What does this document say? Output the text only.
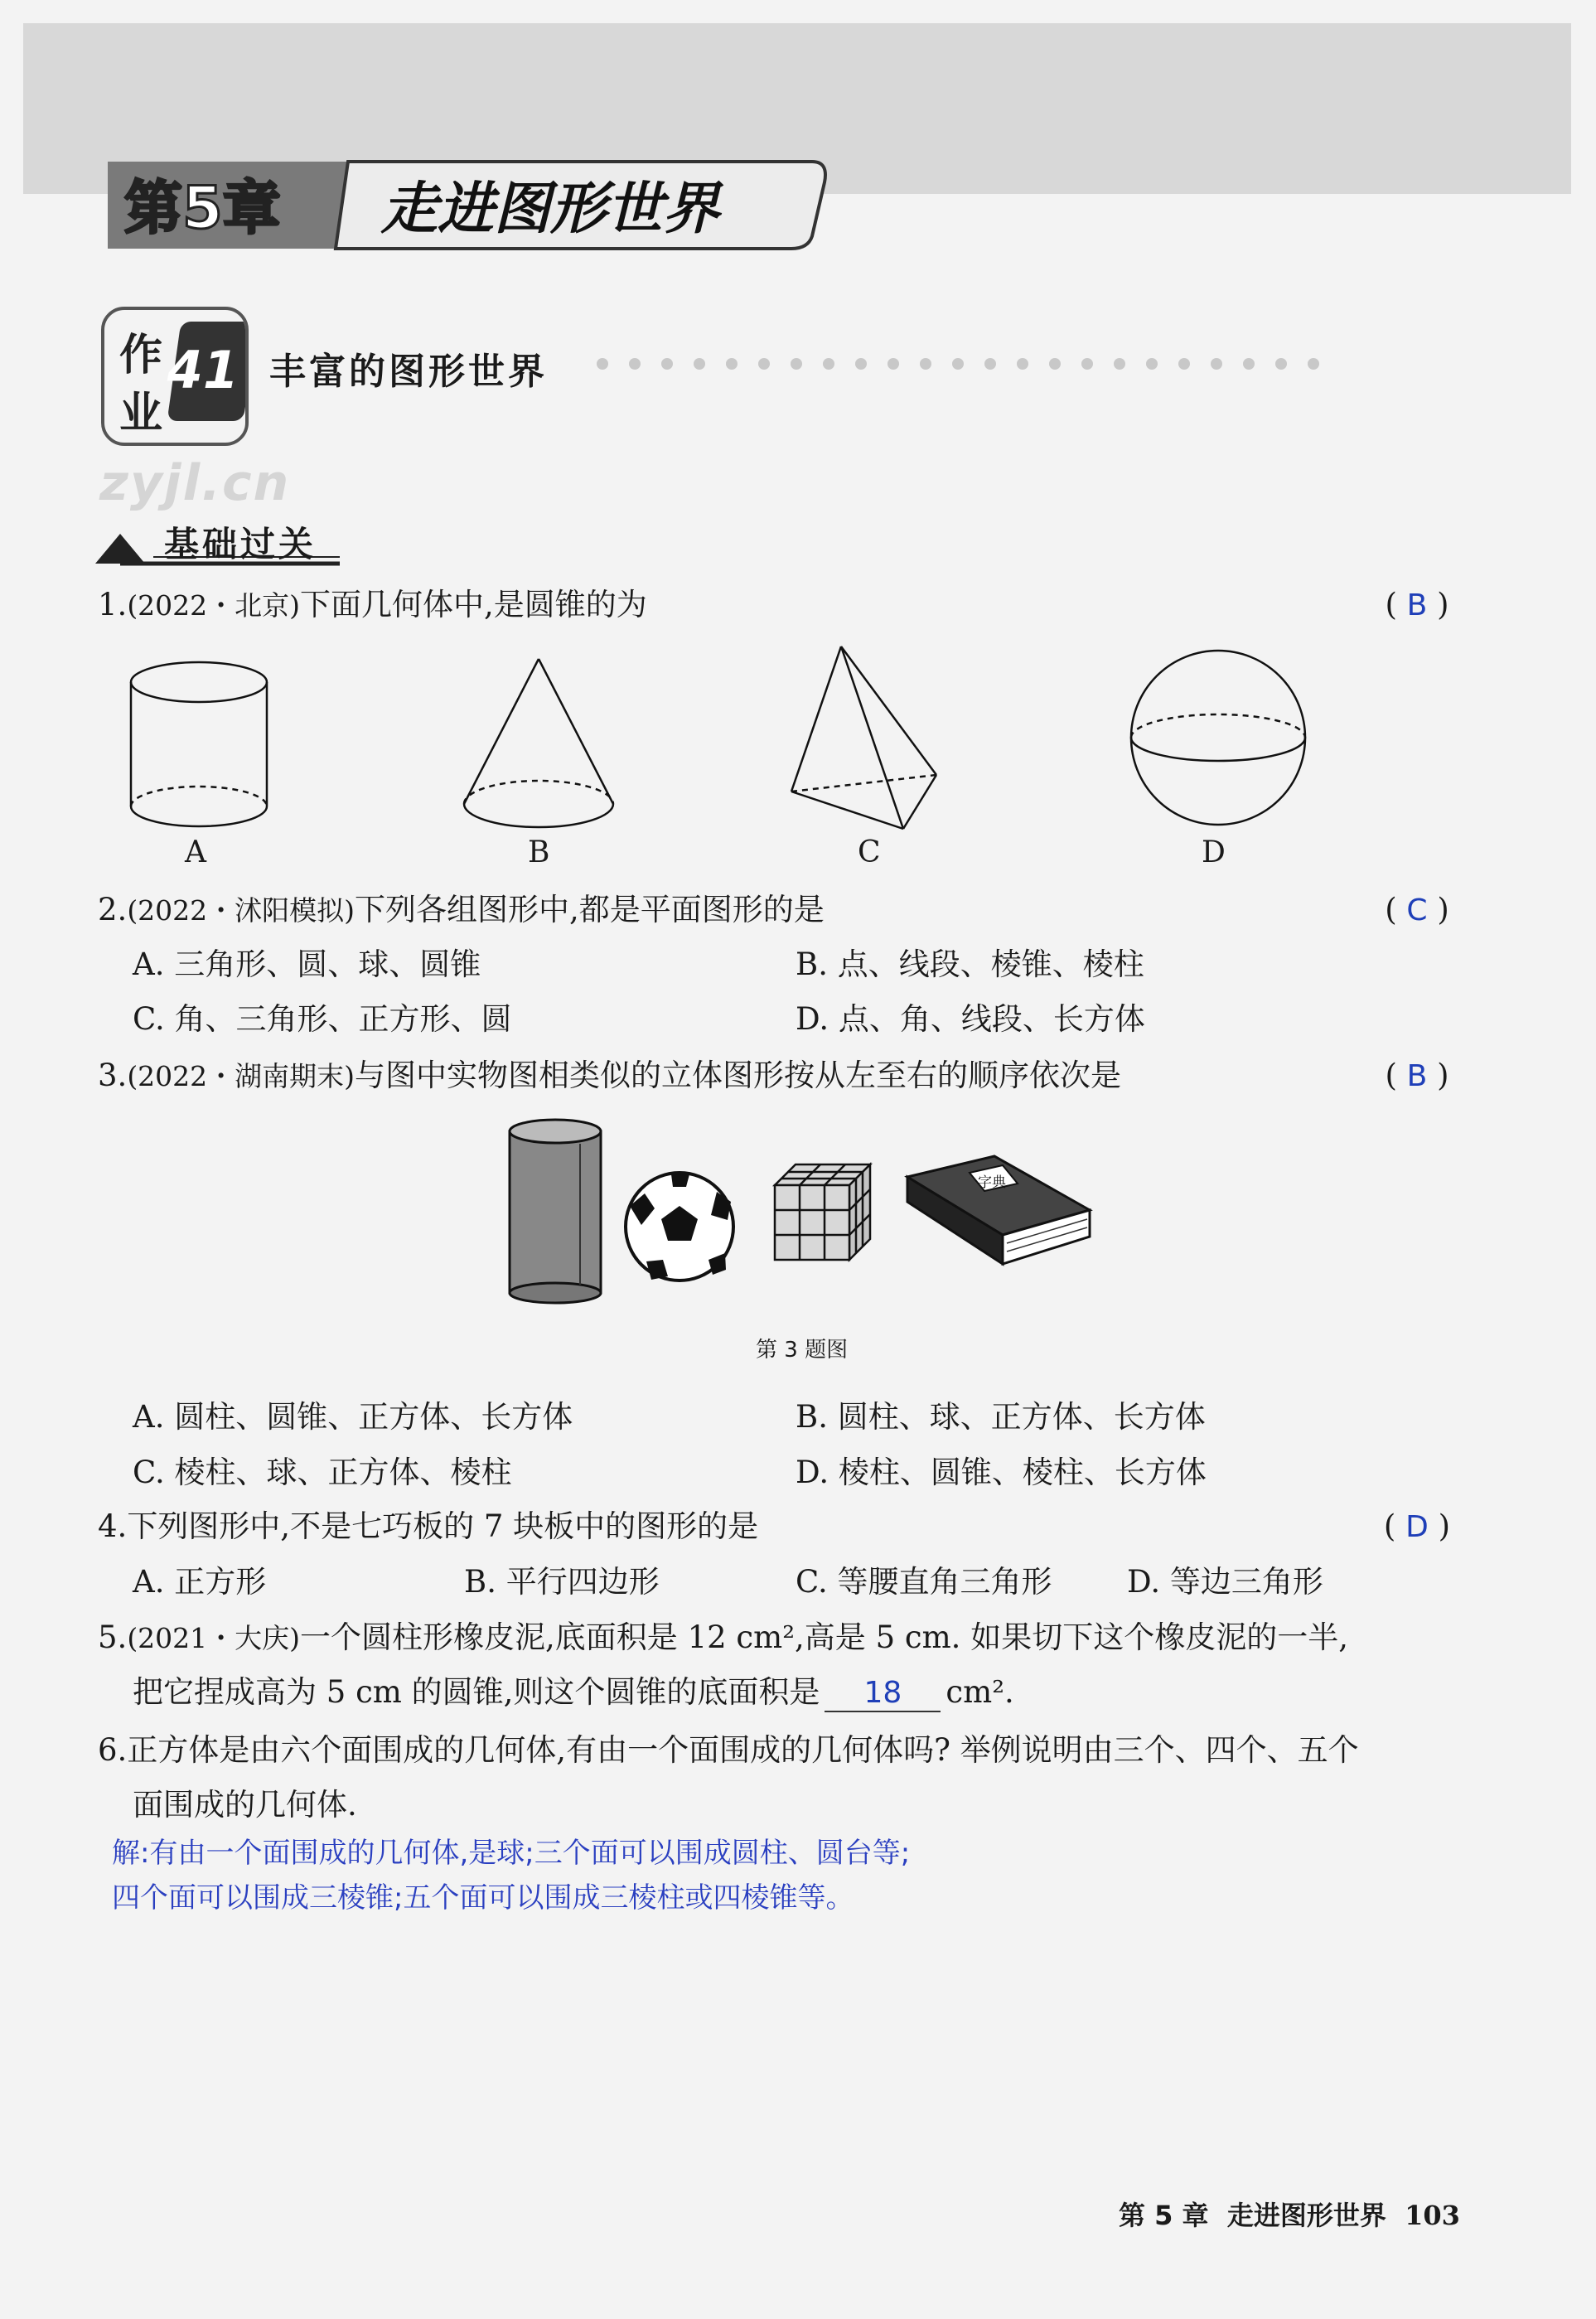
第5章 走进图形世界
作
业
41 丰富的图形世界
zyjl.cn
基础过关
1.(2022・北京)下面几何体中,是圆锥的为	( B )
A	B	C	D
2.(2022・沭阳模拟)下列各组图形中,都是平面图形的是	( C )
A. 三角形、圆、球、圆锥	B. 点、线段、棱锥、棱柱
C. 角、三角形、正方形、圆	D. 点、角、线段、长方体
3.(2022・湖南期末)与图中实物图相类似的立体图形按从左至右的顺序依次是	( B )
字典
第 3 题图
A. 圆柱、圆锥、正方体、长方体	B. 圆柱、球、正方体、长方体
C. 棱柱、球、正方体、棱柱	D. 棱柱、圆锥、棱柱、长方体
4.下列图形中,不是七巧板的 7 块板中的图形的是	( D )
A. 正方形	B. 平行四边形	C. 等腰直角三角形 D. 等边三角形
5.(2021・大庆)一个圆柱形橡皮泥,底面积是 12 cm²,高是 5 cm. 如果切下这个橡皮泥的一半,
把它捏成高为 5 cm 的圆锥,则这个圆锥的底面积是 18 cm².
6.正方体是由六个面围成的几何体,有由一个面围成的几何体吗? 举例说明由三个、四个、五个
面围成的几何体.
解:有由一个面围成的几何体,是球;三个面可以围成圆柱、圆台等;
四个面可以围成三棱锥;五个面可以围成三棱柱或四棱锥等。
第 5 章 走进图形世界 103
